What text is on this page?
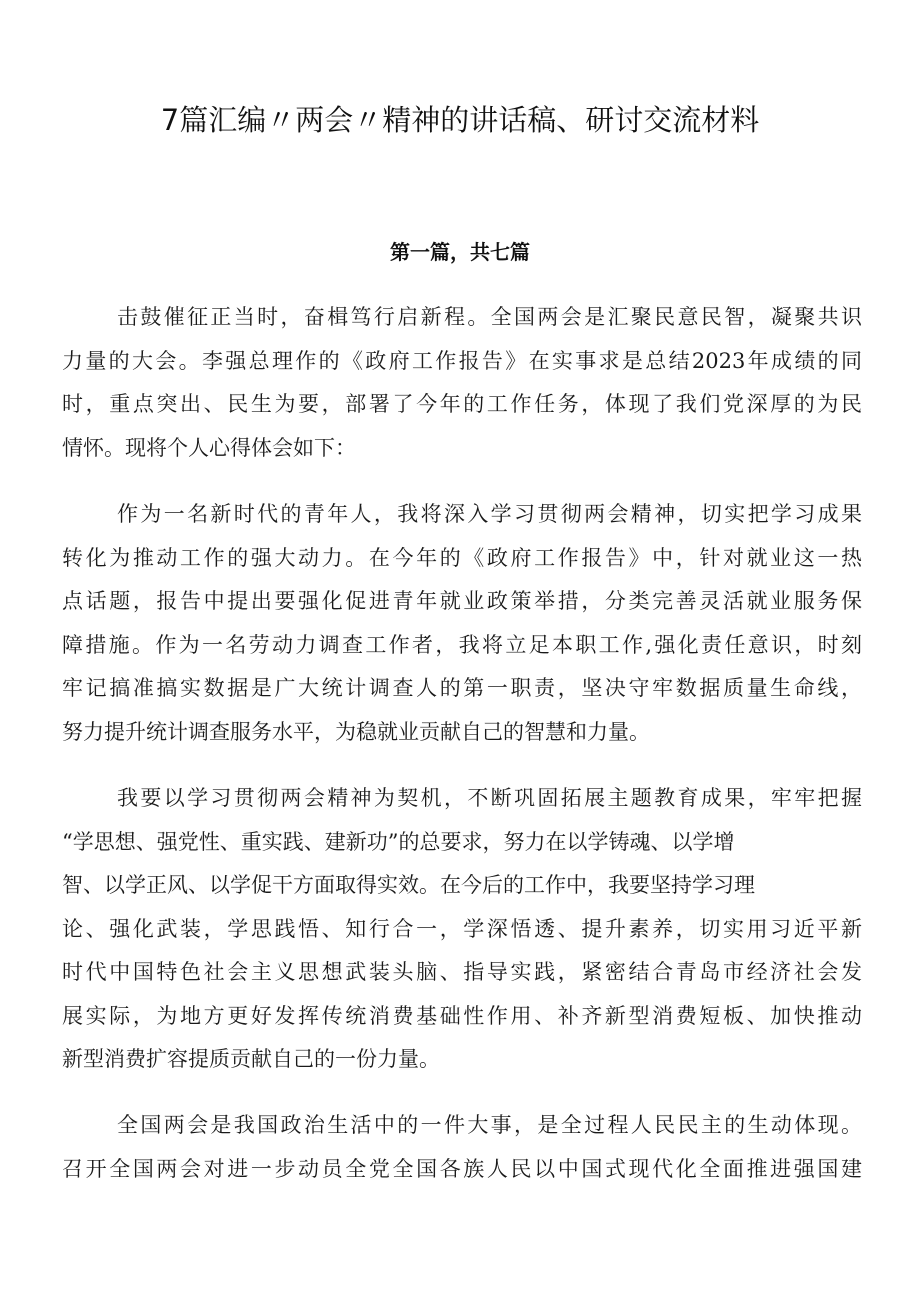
7篇汇编〃两会〃精神的讲话稿、研讨交流材料
第一篇，共七篇
击鼓催征正当时，奋楫笃行启新程。全国两会是汇聚民意民智，凝聚共识
力量的大会。李强总理作的《政府工作报告》在实事求是总结2023年成绩的同
时，重点突出、民生为要，部署了今年的工作任务，体现了我们党深厚的为民
情怀。现将个人心得体会如下：
作为一名新时代的青年人，我将深入学习贯彻两会精神，切实把学习成果
转化为推动工作的强大动力。在今年的《政府工作报告》中，针对就业这一热
点话题，报告中提出要强化促进青年就业政策举措，分类完善灵活就业服务保
障措施。作为一名劳动力调查工作者，我将立足本职工作,强化责任意识，时刻
牢记搞准搞实数据是广大统计调查人的第一职责，坚决守牢数据质量生命线，
努力提升统计调查服务水平，为稳就业贡献自己的智慧和力量。
我要以学习贯彻两会精神为契机，不断巩固拓展主题教育成果，牢牢把握
“学思想、强党性、重实践、建新功”的总要求，努力在以学铸魂、以学增
智、以学正风、以学促干方面取得实效。在今后的工作中，我要坚持学习理
论、强化武装，学思践悟、知行合一，学深悟透、提升素养，切实用习近平新
时代中国特色社会主义思想武装头脑、指导实践，紧密结合青岛市经济社会发
展实际，为地方更好发挥传统消费基础性作用、补齐新型消费短板、加快推动
新型消费扩容提质贡献自己的一份力量。
全国两会是我国政治生活中的一件大事，是全过程人民民主的生动体现。
召开全国两会对进一步动员全党全国各族人民以中国式现代化全面推进强国建
